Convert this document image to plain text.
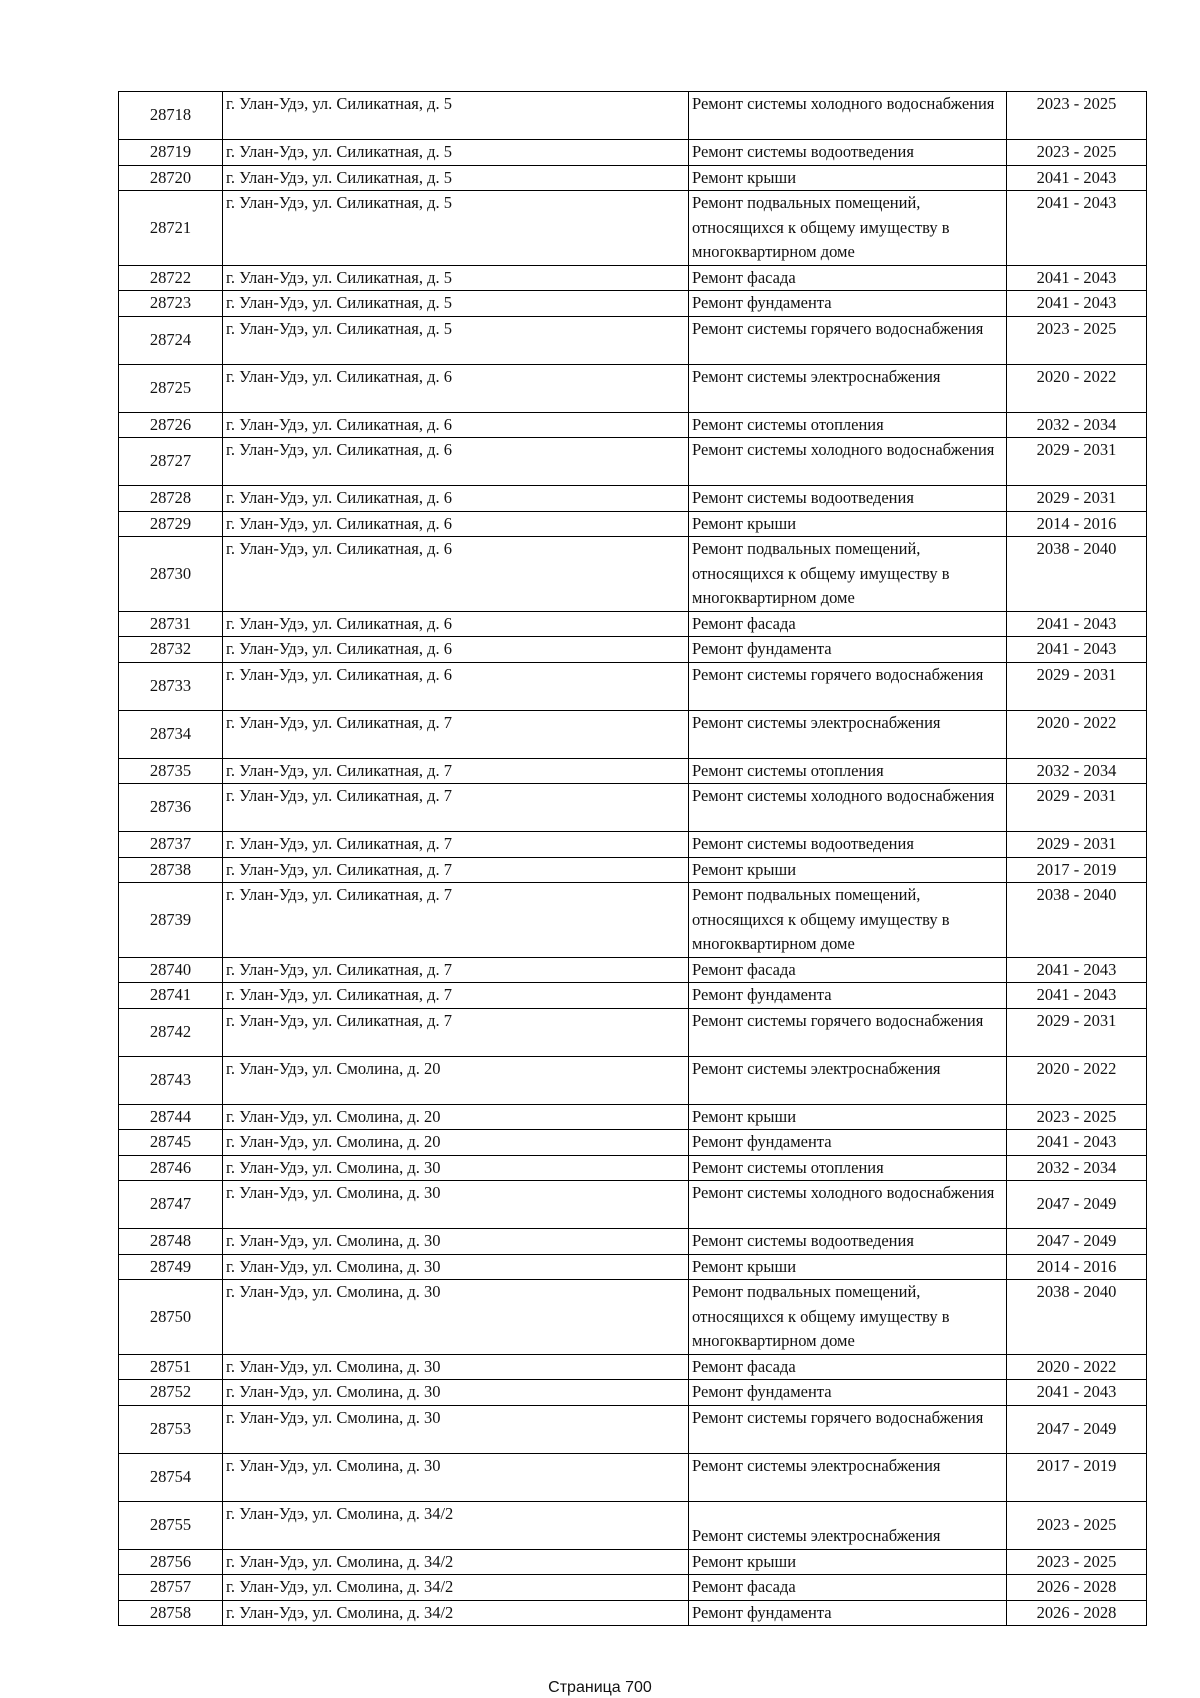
28718	г. Улан-Удэ, ул. Силикатная, д. 5	Ремонт системы холодного водоснабжения	2023 - 2025
28719	г. Улан-Удэ, ул. Силикатная, д. 5	Ремонт системы водоотведения	2023 - 2025
28720	г. Улан-Удэ, ул. Силикатная, д. 5	Ремонт крыши	2041 - 2043
28721	г. Улан-Удэ, ул. Силикатная, д. 5	Ремонт подвальных помещений, относящихся к общему имуществу в многоквартирном доме	2041 - 2043
28722	г. Улан-Удэ, ул. Силикатная, д. 5	Ремонт фасада	2041 - 2043
28723	г. Улан-Удэ, ул. Силикатная, д. 5	Ремонт фундамента	2041 - 2043
28724	г. Улан-Удэ, ул. Силикатная, д. 5	Ремонт системы горячего водоснабжения	2023 - 2025
28725	г. Улан-Удэ, ул. Силикатная, д. 6	Ремонт системы электроснабжения	2020 - 2022
28726	г. Улан-Удэ, ул. Силикатная, д. 6	Ремонт системы отопления	2032 - 2034
28727	г. Улан-Удэ, ул. Силикатная, д. 6	Ремонт системы холодного водоснабжения	2029 - 2031
28728	г. Улан-Удэ, ул. Силикатная, д. 6	Ремонт системы водоотведения	2029 - 2031
28729	г. Улан-Удэ, ул. Силикатная, д. 6	Ремонт крыши	2014 - 2016
28730	г. Улан-Удэ, ул. Силикатная, д. 6	Ремонт подвальных помещений, относящихся к общему имуществу в многоквартирном доме	2038 - 2040
28731	г. Улан-Удэ, ул. Силикатная, д. 6	Ремонт фасада	2041 - 2043
28732	г. Улан-Удэ, ул. Силикатная, д. 6	Ремонт фундамента	2041 - 2043
28733	г. Улан-Удэ, ул. Силикатная, д. 6	Ремонт системы горячего водоснабжения	2029 - 2031
28734	г. Улан-Удэ, ул. Силикатная, д. 7	Ремонт системы электроснабжения	2020 - 2022
28735	г. Улан-Удэ, ул. Силикатная, д. 7	Ремонт системы отопления	2032 - 2034
28736	г. Улан-Удэ, ул. Силикатная, д. 7	Ремонт системы холодного водоснабжения	2029 - 2031
28737	г. Улан-Удэ, ул. Силикатная, д. 7	Ремонт системы водоотведения	2029 - 2031
28738	г. Улан-Удэ, ул. Силикатная, д. 7	Ремонт крыши	2017 - 2019
28739	г. Улан-Удэ, ул. Силикатная, д. 7	Ремонт подвальных помещений, относящихся к общему имуществу в многоквартирном доме	2038 - 2040
28740	г. Улан-Удэ, ул. Силикатная, д. 7	Ремонт фасада	2041 - 2043
28741	г. Улан-Удэ, ул. Силикатная, д. 7	Ремонт фундамента	2041 - 2043
28742	г. Улан-Удэ, ул. Силикатная, д. 7	Ремонт системы горячего водоснабжения	2029 - 2031
28743	г. Улан-Удэ, ул. Смолина, д. 20	Ремонт системы электроснабжения	2020 - 2022
28744	г. Улан-Удэ, ул. Смолина, д. 20	Ремонт крыши	2023 - 2025
28745	г. Улан-Удэ, ул. Смолина, д. 20	Ремонт фундамента	2041 - 2043
28746	г. Улан-Удэ, ул. Смолина, д. 30	Ремонт системы отопления	2032 - 2034
28747	г. Улан-Удэ, ул. Смолина, д. 30	Ремонт системы холодного водоснабжения	2047 - 2049
28748	г. Улан-Удэ, ул. Смолина, д. 30	Ремонт системы водоотведения	2047 - 2049
28749	г. Улан-Удэ, ул. Смолина, д. 30	Ремонт крыши	2014 - 2016
28750	г. Улан-Удэ, ул. Смолина, д. 30	Ремонт подвальных помещений, относящихся к общему имуществу в многоквартирном доме	2038 - 2040
28751	г. Улан-Удэ, ул. Смолина, д. 30	Ремонт фасада	2020 - 2022
28752	г. Улан-Удэ, ул. Смолина, д. 30	Ремонт фундамента	2041 - 2043
28753	г. Улан-Удэ, ул. Смолина, д. 30	Ремонт системы горячего водоснабжения	2047 - 2049
28754	г. Улан-Удэ, ул. Смолина, д. 30	Ремонт системы электроснабжения	2017 - 2019
28755	г. Улан-Удэ, ул. Смолина, д. 34/2	Ремонт системы электроснабжения	2023 - 2025
28756	г. Улан-Удэ, ул. Смолина, д. 34/2	Ремонт крыши	2023 - 2025
28757	г. Улан-Удэ, ул. Смолина, д. 34/2	Ремонт фасада	2026 - 2028
28758	г. Улан-Удэ, ул. Смолина, д. 34/2	Ремонт фундамента	2026 - 2028
Страница 700
